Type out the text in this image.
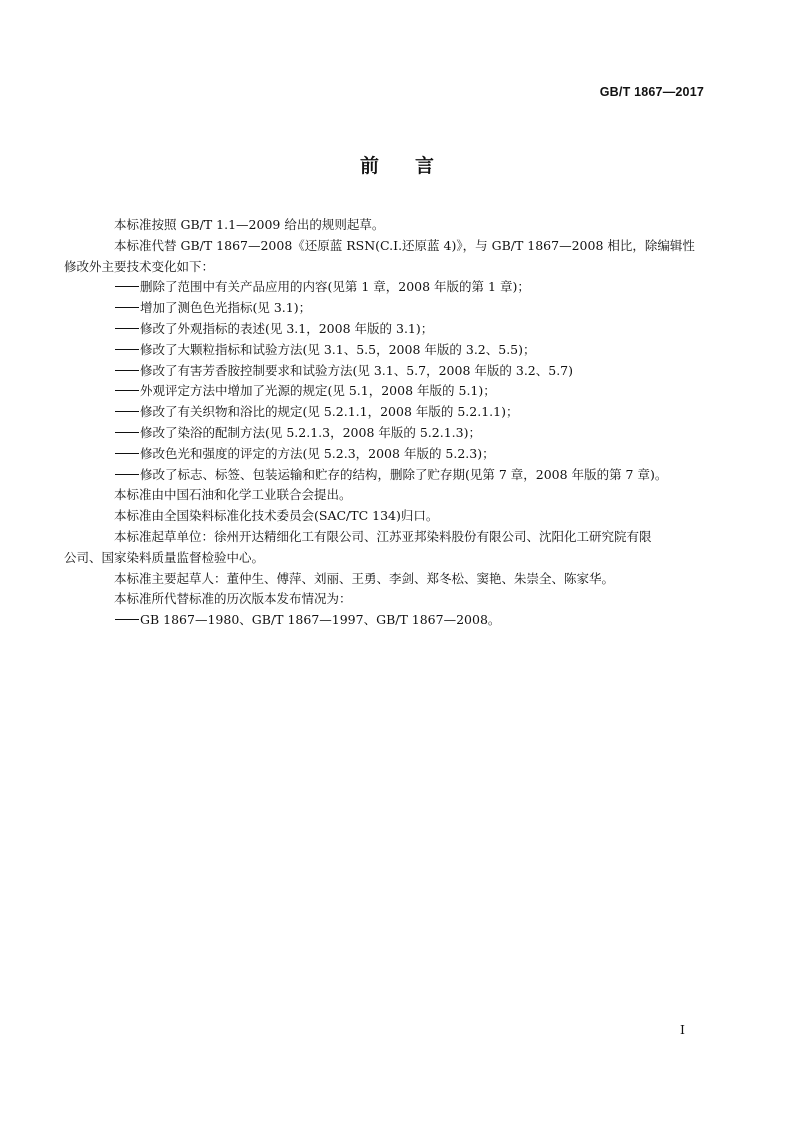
GB/T 1867—2017
前言

本标准按照 GB/T 1.1—2009 给出的规则起草。

本标准代替 GB/T 1867—2008《还原蓝 RSN(C.I.还原蓝 4)》，与 GB/T 1867—2008 相比，除编辑性
修改外主要技术变化如下：

删除了范围中有关产品应用的内容(见第 1 章，2008 年版的第 1 章)；

增加了测色色光指标(见 3.1)；

修改了外观指标的表述(见 3.1，2008 年版的 3.1)；

修改了大颗粒指标和试验方法(见 3.1、5.5，2008 年版的 3.2、5.5)；

修改了有害芳香胺控制要求和试验方法(见 3.1、5.7，2008 年版的 3.2、5.7)

外观评定方法中增加了光源的规定(见 5.1，2008 年版的 5.1)；

修改了有关织物和浴比的规定(见 5.2.1.1，2008 年版的 5.2.1.1)；

修改了染浴的配制方法(见 5.2.1.3，2008 年版的 5.2.1.3)；

修改色光和强度的评定的方法(见 5.2.3，2008 年版的 5.2.3)；

修改了标志、标签、包装运输和贮存的结构，删除了贮存期(见第 7 章，2008 年版的第 7 章)。

本标准由中国石油和化学工业联合会提出。

本标准由全国染料标准化技术委员会(SAC/TC 134)归口。

本标准起草单位：徐州开达精细化工有限公司、江苏亚邦染料股份有限公司、沈阳化工研究院有限
公司、国家染料质量监督检验中心。

本标准主要起草人：董仲生、傅萍、刘丽、王勇、李剑、郑冬松、窦艳、朱崇全、陈家华。

本标准所代替标准的历次版本发布情况为：

GB 1867—1980、GB/T 1867—1997、GB/T 1867—2008。

I
